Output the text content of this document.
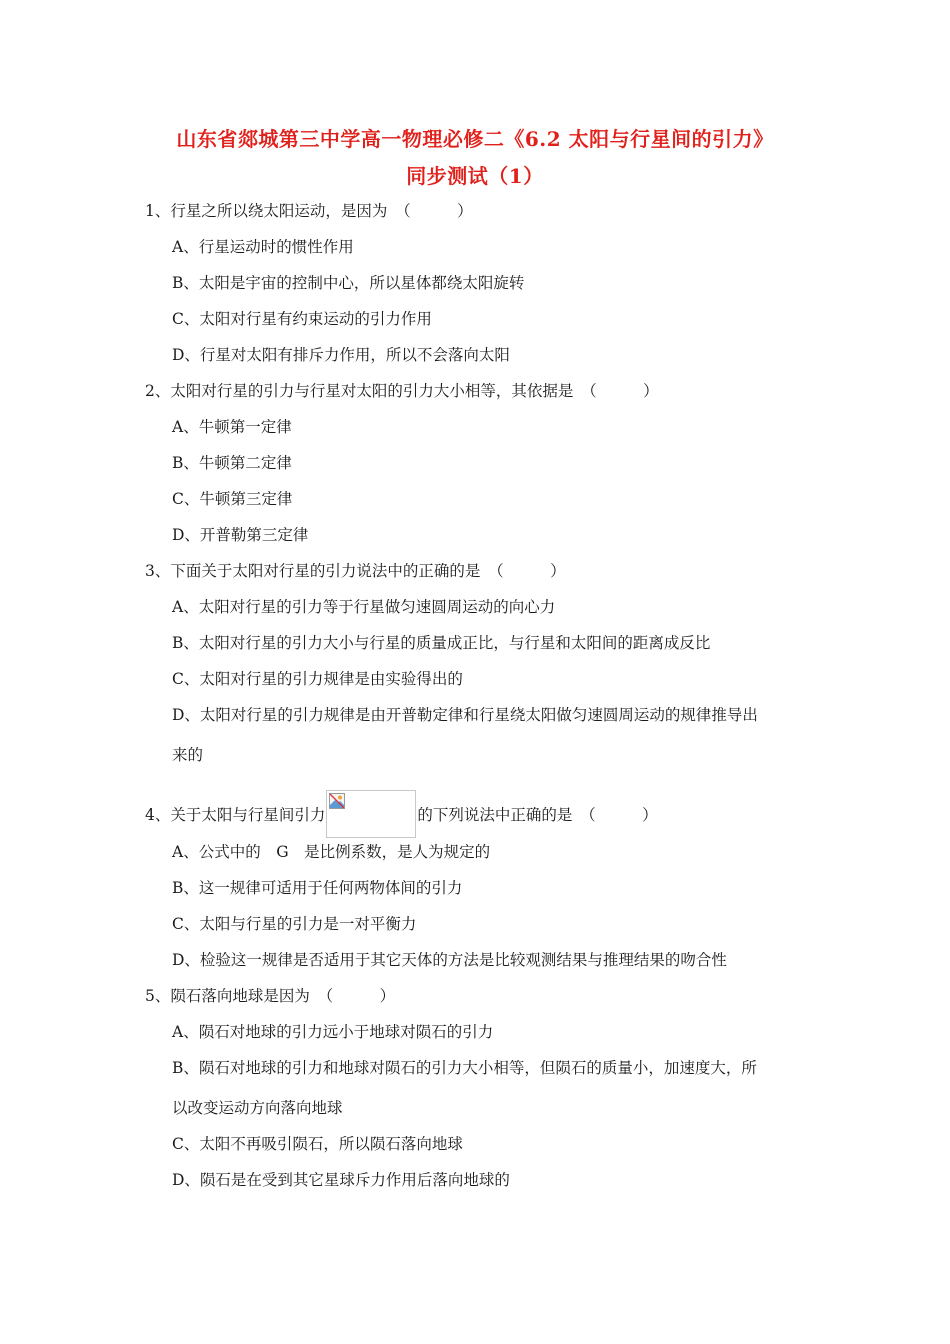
山东省郯城第三中学高一物理必修二《6.2 太阳与行星间的引力》
同步测试（1）
1、行星之所以绕太阳运动，是因为　（　　　）
A、行星运动时的惯性作用
B、太阳是宇宙的控制中心，所以星体都绕太阳旋转
C、太阳对行星有约束运动的引力作用
D、行星对太阳有排斥力作用，所以不会落向太阳
2、太阳对行星的引力与行星对太阳的引力大小相等，其依据是　（　　　）
A、牛顿第一定律
B、牛顿第二定律
C、牛顿第三定律
D、开普勒第三定律
3、下面关于太阳对行星的引力说法中的正确的是　（　　　）
A、太阳对行星的引力等于行星做匀速圆周运动的向心力
B、太阳对行星的引力大小与行星的质量成正比，与行星和太阳间的距离成反比
C、太阳对行星的引力规律是由实验得出的
D、太阳对行星的引力规律是由开普勒定律和行星绕太阳做匀速圆周运动的规律推导出
来的
4、关于太阳与行星间引力	的下列说法中正确的是　（　　　）
A、公式中的　G　是比例系数，是人为规定的
B、这一规律可适用于任何两物体间的引力
C、太阳与行星的引力是一对平衡力
D、检验这一规律是否适用于其它天体的方法是比较观测结果与推理结果的吻合性
5、陨石落向地球是因为　（　　　）
A、陨石对地球的引力远小于地球对陨石的引力
B、陨石对地球的引力和地球对陨石的引力大小相等，但陨石的质量小，加速度大，所
以改变运动方向落向地球
C、太阳不再吸引陨石，所以陨石落向地球
D、陨石是在受到其它星球斥力作用后落向地球的
